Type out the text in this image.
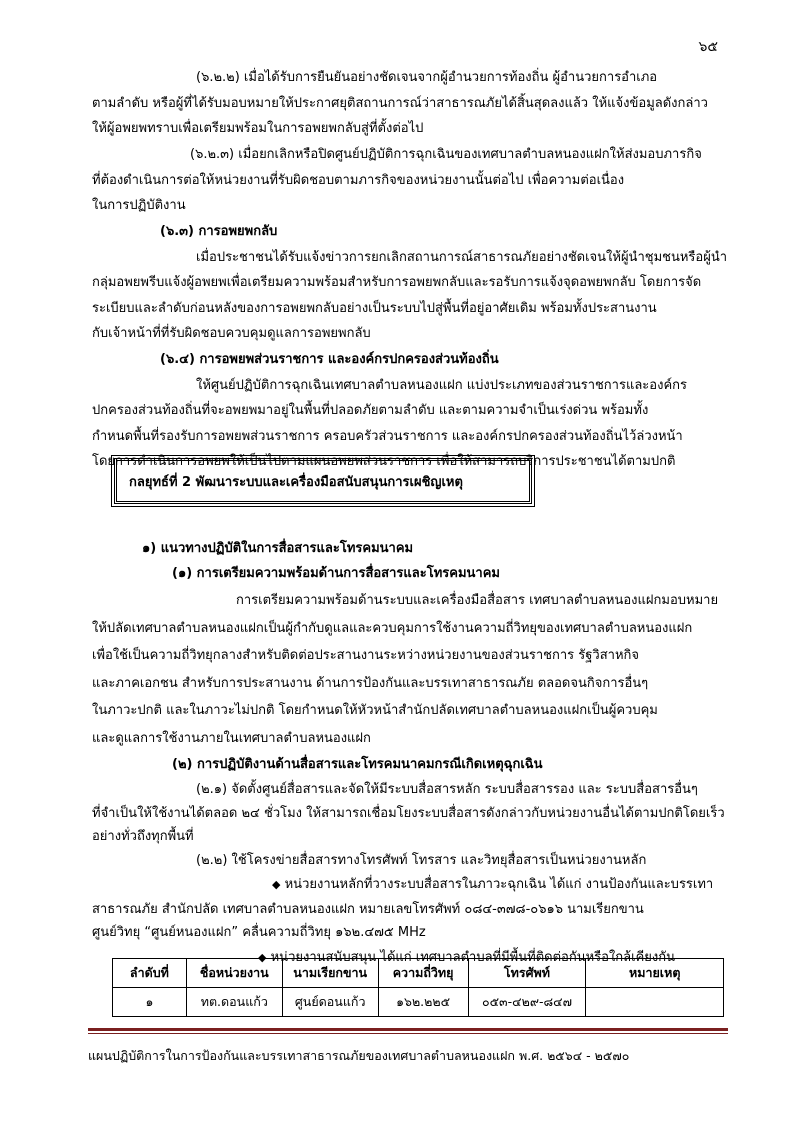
๖๕
(๖.๒.๒) เมื่อได้รับการยืนยันอย่างชัดเจนจากผู้อำนวยการท้องถิ่น ผู้อำนวยการอำเภอ
ตามลำดับ หรือผู้ที่ได้รับมอบหมายให้ประกาศยุติสถานการณ์ว่าสาธารณภัยได้สิ้นสุดลงแล้ว ให้แจ้งข้อมูลดังกล่าว
ให้ผู้อพยพทราบเพื่อเตรียมพร้อมในการอพยพกลับสู่ที่ตั้งต่อไป
(๖.๒.๓) เมื่อยกเลิกหรือปิดศูนย์ปฏิบัติการฉุกเฉินของเทศบาลตำบลหนองแฝกให้ส่งมอบภารกิจ
ที่ต้องดำเนินการต่อให้หน่วยงานที่รับผิดชอบตามภารกิจของหน่วยงานนั้นต่อไป เพื่อความต่อเนื่อง
ในการปฏิบัติงาน
(๖.๓) การอพยพกลับ
เมื่อประชาชนได้รับแจ้งข่าวการยกเลิกสถานการณ์สาธารณภัยอย่างชัดเจนให้ผู้นำชุมชนหรือผู้นำ
กลุ่มอพยพรีบแจ้งผู้อพยพเพื่อเตรียมความพร้อมสำหรับการอพยพกลับและรอรับการแจ้งจุดอพยพกลับ โดยการจัด
ระเบียบและลำดับก่อนหลังของการอพยพกลับอย่างเป็นระบบไปสู่พื้นที่อยู่อาศัยเดิม พร้อมทั้งประสานงาน
กับเจ้าหน้าที่ที่รับผิดชอบควบคุมดูแลการอพยพกลับ
(๖.๔) การอพยพส่วนราชการ และองค์กรปกครองส่วนท้องถิ่น
ให้ศูนย์ปฏิบัติการฉุกเฉินเทศบาลตำบลหนองแฝก แบ่งประเภทของส่วนราชการและองค์กร
ปกครองส่วนท้องถิ่นที่จะอพยพมาอยู่ในพื้นที่ปลอดภัยตามลำดับ และตามความจำเป็นเร่งด่วน พร้อมทั้ง
กำหนดพื้นที่รองรับการอพยพส่วนราชการ ครอบครัวส่วนราชการ และองค์กรปกครองส่วนท้องถิ่นไว้ล่วงหน้า
โดยการดำเนินการอพยพให้เป็นไปตามแผนอพยพส่วนราชการ เพื่อให้สามารถบริการประชาชนได้ตามปกติ
๑) แนวทางปฏิบัติในการสื่อสารและโทรคมนาคม
(๑) การเตรียมความพร้อมด้านการสื่อสารและโทรคมนาคม
การเตรียมความพร้อมด้านระบบและเครื่องมือสื่อสาร เทศบาลตำบลหนองแฝกมอบหมาย
ให้ปลัดเทศบาลตำบลหนองแฝกเป็นผู้กำกับดูแลและควบคุมการใช้งานความถี่วิทยุของเทศบาลตำบลหนองแฝก
เพื่อใช้เป็นความถี่วิทยุกลางสำหรับติดต่อประสานงานระหว่างหน่วยงานของส่วนราชการ รัฐวิสาหกิจ
และภาคเอกชน สำหรับการประสานงาน ด้านการป้องกันและบรรเทาสาธารณภัย ตลอดจนกิจการอื่นๆ
ในภาวะปกติ และในภาวะไม่ปกติ โดยกำหนดให้หัวหน้าสำนักปลัดเทศบาลตำบลหนองแฝกเป็นผู้ควบคุม
และดูแลการใช้งานภายในเทศบาลตำบลหนองแฝก
(๒) การปฏิบัติงานด้านสื่อสารและโทรคมนาคมกรณีเกิดเหตุฉุกเฉิน
(๒.๑) จัดตั้งศูนย์สื่อสารและจัดให้มีระบบสื่อสารหลัก ระบบสื่อสารรอง และ ระบบสื่อสารอื่นๆ
ที่จำเป็นให้ใช้งานได้ตลอด ๒๔ ชั่วโมง ให้สามารถเชื่อมโยงระบบสื่อสารดังกล่าวกับหน่วยงานอื่นได้ตามปกติโดยเร็ว
อย่างทั่วถึงทุกพื้นที่
(๒.๒) ใช้โครงข่ายสื่อสารทางโทรศัพท์ โทรสาร และวิทยุสื่อสารเป็นหน่วยงานหลัก
◆ หน่วยงานหลักที่วางระบบสื่อสารในภาวะฉุกเฉิน ได้แก่ งานป้องกันและบรรเทา
สาธารณภัย สำนักปลัด เทศบาลตำบลหนองแฝก หมายเลขโทรศัพท์ ๐๘๔-๓๗๘-๐๖๑๖ นามเรียกขาน
ศูนย์วิทยุ “ศูนย์หนองแฝก” คลื่นความถี่วิทยุ ๑๖๒.๔๗๕ MHz
◆ หน่วยงานสนับสนุน ได้แก่ เทศบาลตำบลที่มีพื้นที่ติดต่อกันหรือใกล้เคียงกัน
กลยุทธ์ที่ 2 พัฒนาระบบและเครื่องมือสนับสนุนการเผชิญเหตุ
ลำดับที่	ชื่อหน่วยงาน	นามเรียกขาน	ความถี่วิทยุ	โทรศัพท์	หมายเหตุ
๑	ทต.ดอนแก้ว	ศูนย์ดอนแก้ว	๑๖๒.๒๒๕	๐๕๓-๔๒๙-๘๔๗	
แผนปฏิบัติการในการป้องกันและบรรเทาสาธารณภัยของเทศบาลตำบลหนองแฝก พ.ศ. ๒๕๖๔ - ๒๕๗๐
